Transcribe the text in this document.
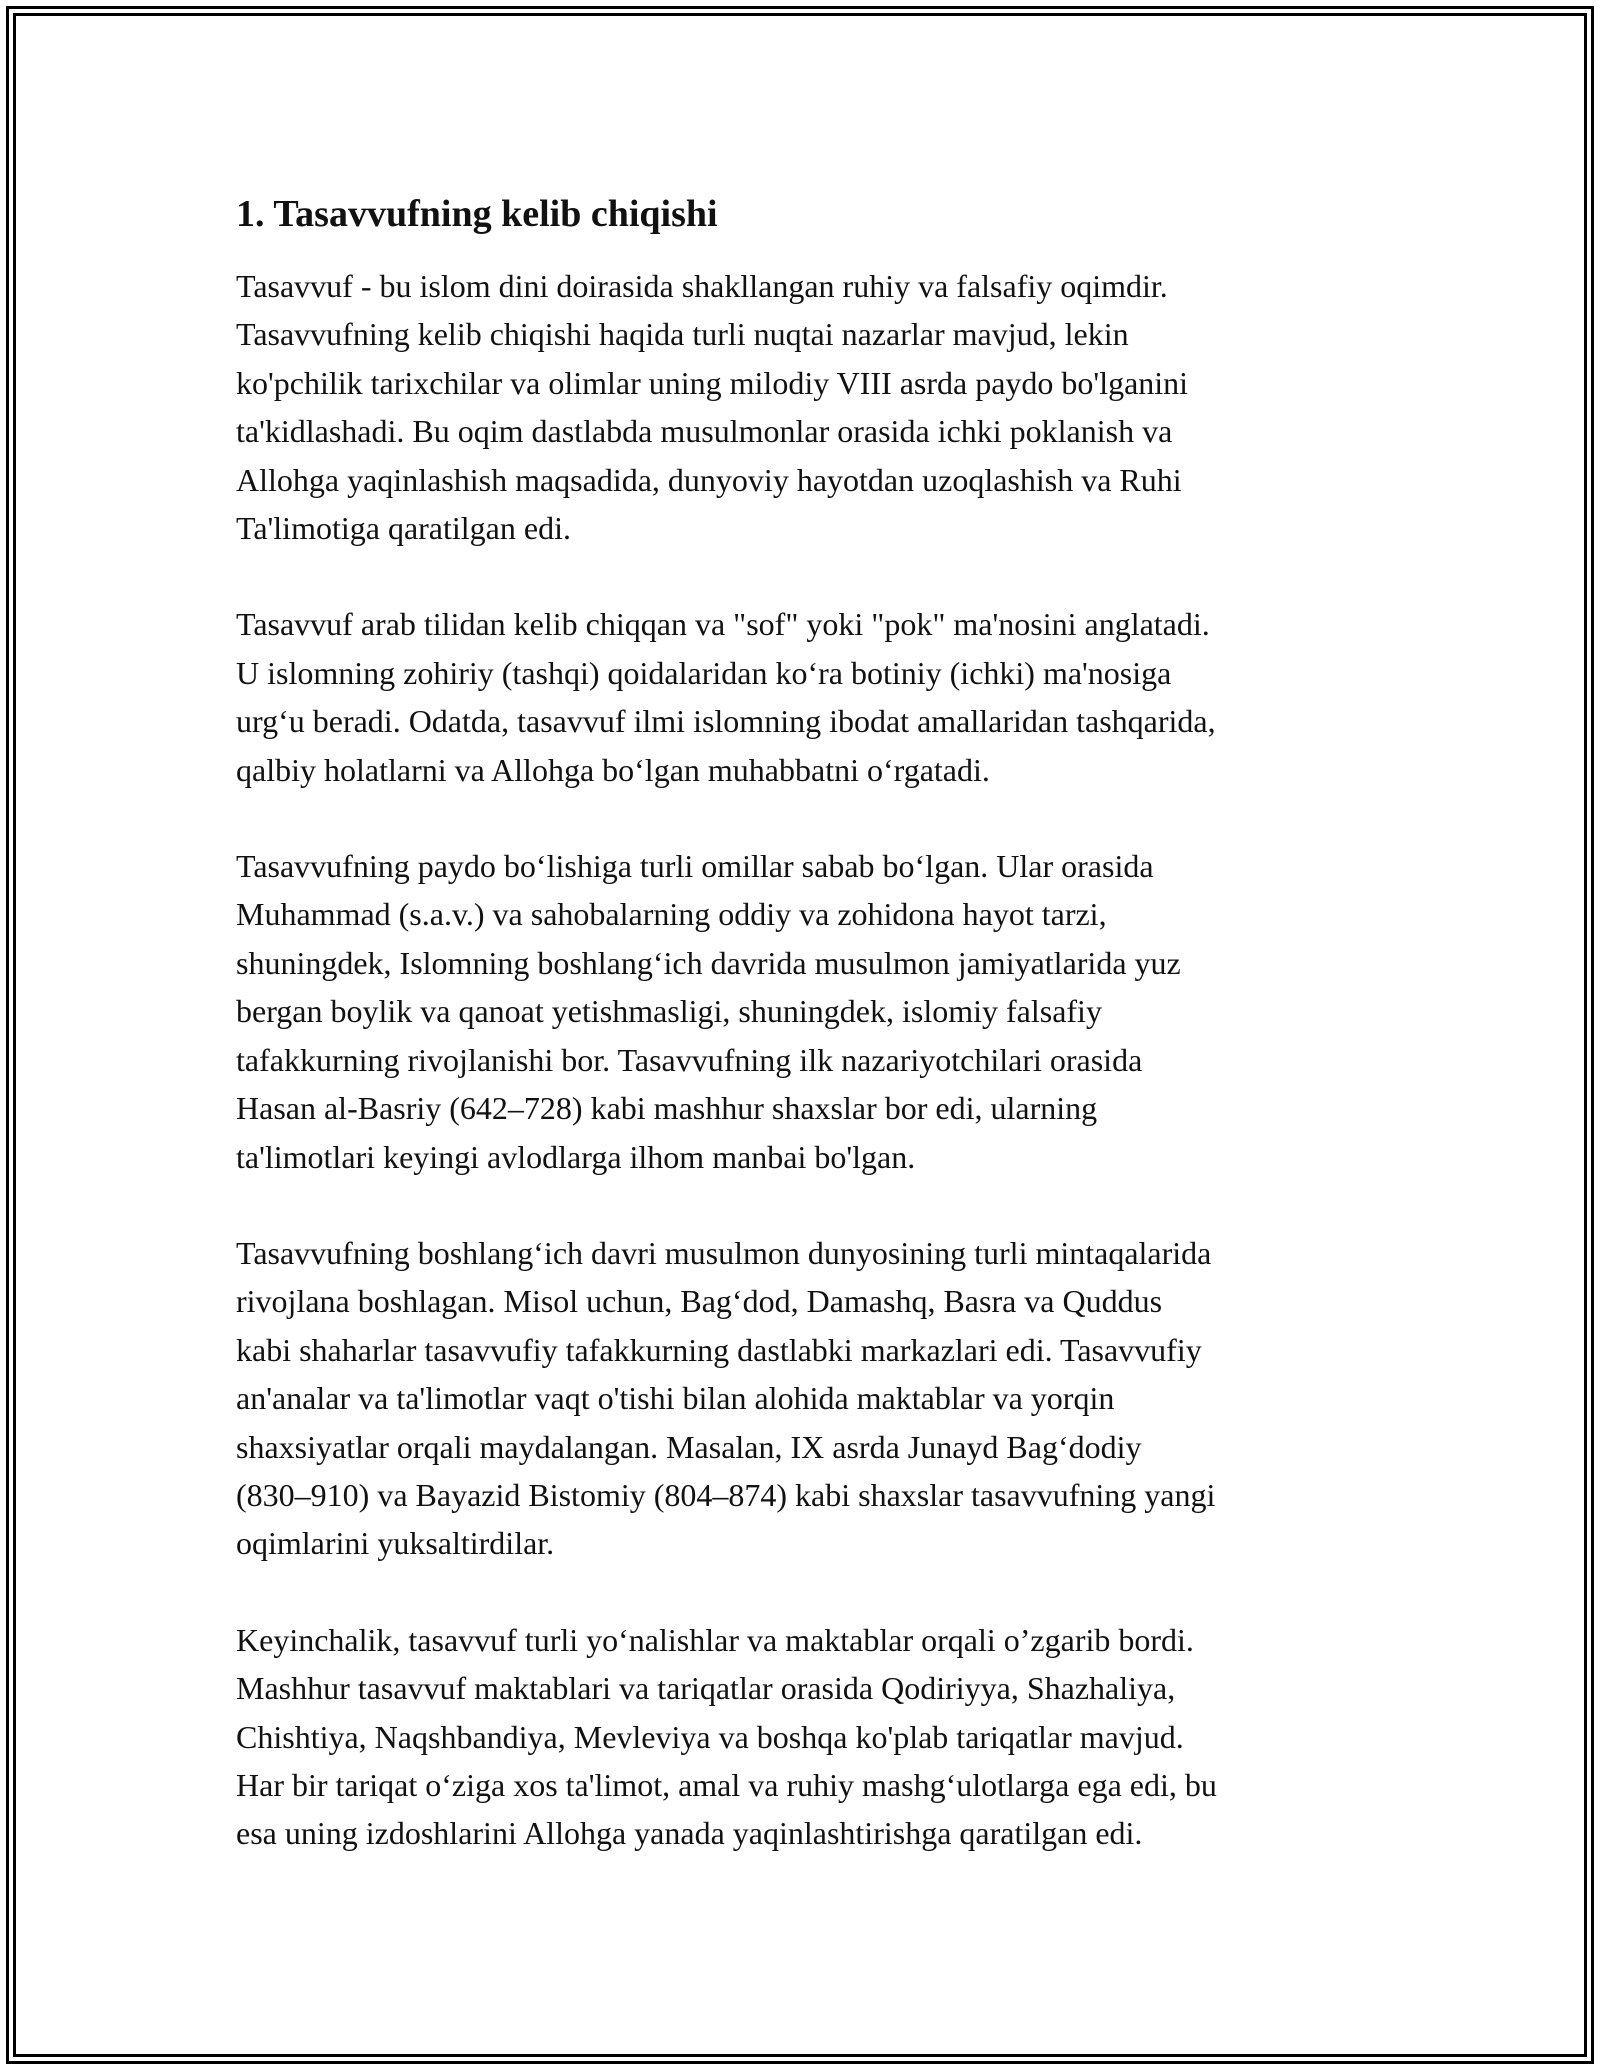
1. Tasavvufning kelib chiqishi

Tasavvuf - bu islom dini doirasida shakllangan ruhiy va falsafiy oqimdir.
Tasavvufning kelib chiqishi haqida turli nuqtai nazarlar mavjud, lekin
ko'pchilik tarixchilar va olimlar uning milodiy VIII asrda paydo bo'lganini
ta'kidlashadi. Bu oqim dastlabda musulmonlar orasida ichki poklanish va
Allohga yaqinlashish maqsadida, dunyoviy hayotdan uzoqlashish va Ruhi
Ta'limotiga qaratilgan edi.

Tasavvuf arab tilidan kelib chiqqan va "sof" yoki "pok" ma'nosini anglatadi.
U islomning zohiriy (tashqi) qoidalaridan ko‘ra botiniy (ichki) ma'nosiga
urg‘u beradi. Odatda, tasavvuf ilmi islomning ibodat amallaridan tashqarida,
qalbiy holatlarni va Allohga bo‘lgan muhabbatni o‘rgatadi.

Tasavvufning paydo bo‘lishiga turli omillar sabab bo‘lgan. Ular orasida
Muhammad (s.a.v.) va sahobalarning oddiy va zohidona hayot tarzi,
shuningdek, Islomning boshlang‘ich davrida musulmon jamiyatlarida yuz
bergan boylik va qanoat yetishmasligi, shuningdek, islomiy falsafiy
tafakkurning rivojlanishi bor. Tasavvufning ilk nazariyotchilari orasida
Hasan al-Basriy (642–728) kabi mashhur shaxslar bor edi, ularning
ta'limotlari keyingi avlodlarga ilhom manbai bo'lgan.

Tasavvufning boshlang‘ich davri musulmon dunyosining turli mintaqalarida
rivojlana boshlagan. Misol uchun, Bag‘dod, Damashq, Basra va Quddus
kabi shaharlar tasavvufiy tafakkurning dastlabki markazlari edi. Tasavvufiy
an'analar va ta'limotlar vaqt o'tishi bilan alohida maktablar va yorqin
shaxsiyatlar orqali maydalangan. Masalan, IX asrda Junayd Bag‘dodiy
(830–910) va Bayazid Bistomiy (804–874) kabi shaxslar tasavvufning yangi
oqimlarini yuksaltirdilar.

Keyinchalik, tasavvuf turli yo‘nalishlar va maktablar orqali o’zgarib bordi.
Mashhur tasavvuf maktablari va tariqatlar orasida Qodiriyya, Shazhaliya,
Chishtiya, Naqshbandiya, Mevleviya va boshqa ko'plab tariqatlar mavjud.
Har bir tariqat o‘ziga xos ta'limot, amal va ruhiy mashg‘ulotlarga ega edi, bu
esa uning izdoshlarini Allohga yanada yaqinlashtirishga qaratilgan edi.
